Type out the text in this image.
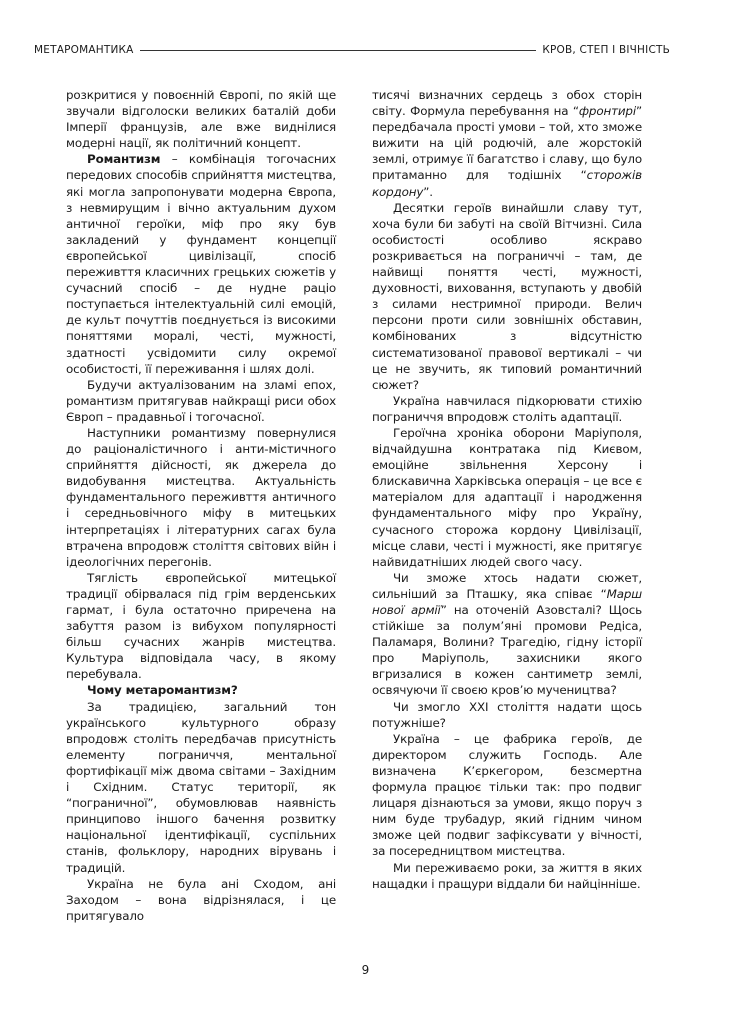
МЕТАРОМАНТИКА	КРОВ, СТЕП І ВІЧНІСТЬ

розкритися у повоєнній Європі, по якій ще звучали відголоски великих баталій доби Імперії французів, але вже виднілися модерні нації, як політичний концепт.

Романтизм – комбінація тогочасних передових способів сприйняття мистецтва, які могла запропонувати модерна Європа, з невмирущим і вічно актуальним духом античної героїки, міф про яку був закладений у фундамент концепції європейської цивілізації, спосіб переживття класичних грецьких сюжетів у сучасний спосіб – де нудне раціо поступається інтелектуальній силі емоцій, де культ почуттів поєднується із високими поняттями моралі, честі, мужності, здатності усвідомити силу окремої особистості, її переживання і шлях долі.

Будучи актуалізованим на зламі епох, романтизм притягував найкращі риси обох Європ – прадавньої і тогочасної.

Наступники романтизму повернулися до раціоналістичного і анти-містичного сприйняття дійсності, як джерела до видобування мистецтва. Актуальність фундаментального переживття античного і середньовічного міфу в митецьких інтерпретаціях і літературних сагах була втрачена впродовж століття світових війн і ідеологічних перегонів.

Тяглість європейської митецької традиції обірвалася під грім верденських гармат, і була остаточно приречена на забуття разом із вибухом популярності більш сучасних жанрів мистецтва. Культура відповідала часу, в якому перебувала.

Чому метаромантизм?

За традицією, загальний тон українського культурного образу впродовж століть передбачав присутність елементу пограниччя, ментальної фортифікації між двома світами – Західним і Східним. Статус території, як “пограничної”, обумовлював наявність принципово іншого бачення розвитку національної ідентифікації, суспільних станів, фольклору, народних вірувань і традицій.

Україна не була ані Сходом, ані Заходом – вона відрізнялася, і це притягувало

тисячі визначних сердець з обох сторін світу. Формула перебування на “фронтирі” передбачала прості умови – той, хто зможе вижити на цій родючій, але жорстокій землі, отримує її багатство і славу, що було притаманно для тодішніх “сторожів кордону”.

Десятки героїв винайшли славу тут, хоча були би забуті на своїй Вітчизні. Сила особистості особливо яскраво розкривається на пограниччі – там, де найвищі поняття честі, мужності, духовності, виховання, вступають у двобій з силами нестримної природи. Велич персони проти сили зовнішніх обставин, комбінованих з відсутністю систематизованої правової вертикалі – чи це не звучить, як типовий романтичний сюжет?

Україна навчилася підкорювати стихію пограниччя впродовж століть адаптації.

Героїчна хроніка оборони Маріуполя, відчайдушна контратака під Києвом, емоційне звільнення Херсону і блискавична Харківська операція – це все є матеріалом для адаптації і народження фундаментального міфу про Україну, сучасного сторожа кордону Цивілізації, місце слави, честі і мужності, яке притягує найвидатніших людей свого часу.

Чи зможе хтось надати сюжет, сильніший за Пташку, яка співає “Марш нової армії” на оточеній Азовсталі? Щось стійкіше за полум’яні промови Редіса, Паламаря, Волини? Трагедію, гідну історії про Маріуполь, захисники якого вгризалися в кожен сантиметр землі, освячуючи її своєю кров’ю мучеництва?

Чи змогло XXI століття надати щось потужніше?

Україна – це фабрика героїв, де директором служить Господь. Але визначена К’єркегором, безсмертна формула працює тільки так: про подвиг лицаря дізнаються за умови, якщо поруч з ним буде трубадур, який гідним чином зможе цей подвиг зафіксувати у вічності, за посередництвом мистецтва.

Ми переживаємо роки, за життя в яких нащадки і пращури віддали би найцінніше.

9
